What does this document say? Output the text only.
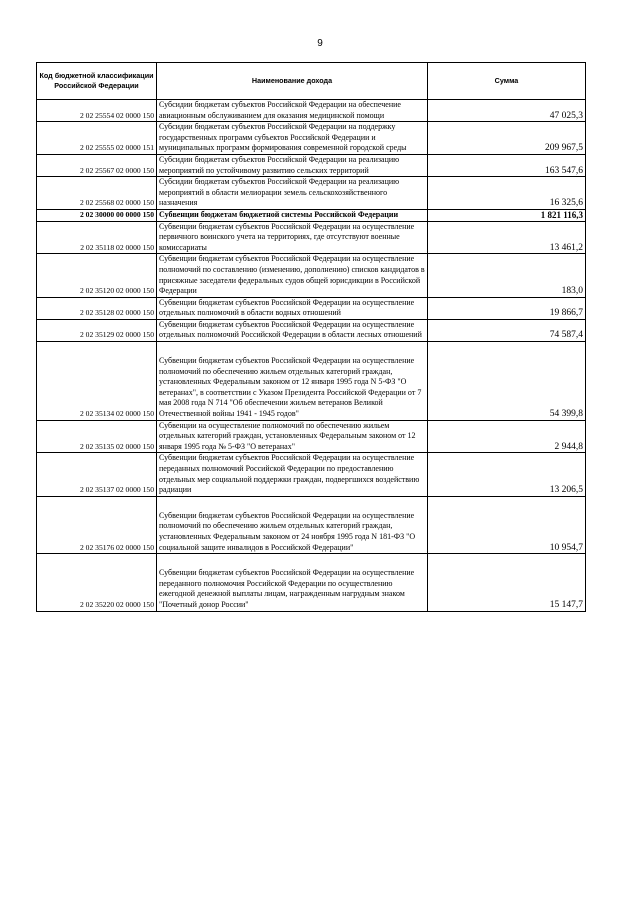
9
Код бюджетной классификации Российской Федерации	Наименование дохода	Сумма
2 02 25554 02 0000 150	Субсидии бюджетам субъектов Российской Федерации на обеспечение авиационным обслуживанием для оказания медицинской помощи	47 025,3
2 02 25555 02 0000 151	Субсидии бюджетам субъектов Российской Федерации на поддержку государственных программ субъектов Российской Федерации и муниципальных программ формирования современной городской среды	209 967,5
2 02 25567 02 0000 150	Субсидии бюджетам субъектов Российской Федерации на реализацию мероприятий по устойчивому развитию сельских территорий	163 547,6
2 02 25568 02 0000 150	Субсидии бюджетам субъектов Российской Федерации на реализацию мероприятий в области мелиорации земель сельскохозяйственного назначения	16 325,6
2 02 30000 00 0000 150	Субвенции бюджетам бюджетной системы Российской Федерации	1 821 116,3
2 02 35118 02 0000 150	Субвенции бюджетам субъектов Российской Федерации на осуществление первичного воинского учета на территориях, где отсутствуют военные комиссариаты	13 461,2
2 02 35120 02 0000 150	Субвенции бюджетам субъектов Российской Федерации на осуществление полномочий по составлению (изменению, дополнению) списков кандидатов в присяжные заседатели федеральных судов общей юрисдикции в Российской Федерации	183,0
2 02 35128 02 0000 150	Субвенции бюджетам субъектов Российской Федерации на осуществление отдельных полномочий в области водных отношений	19 866,7
2 02 35129 02 0000 150	Субвенции бюджетам субъектов Российской Федерации на осуществление отдельных полномочий Российской Федерации в области лесных отношений	74 587,4
2 02 35134 02 0000 150	Субвенции бюджетам субъектов Российской Федерации на осуществление полномочий по обеспечению жильем отдельных категорий граждан, установленных Федеральным законом от 12 января 1995 года N 5-ФЗ "О ветеранах", в соответствии с Указом Президента Российской Федерации от 7 мая 2008 года N 714 "Об обеспечении жильем ветеранов Великой Отечественной войны 1941 - 1945 годов"	54 399,8
2 02 35135 02 0000 150	Субвенции на осуществление полномочий по обеспечению жильем отдельных категорий граждан, установленных Федеральным законом от 12 января 1995 года № 5-ФЗ "О ветеранах"	2 944,8
2 02 35137 02 0000 150	Субвенции бюджетам субъектов Российской Федерации на осуществление переданных полномочий Российской Федерации по предоставлению отдельных мер социальной поддержки граждан, подвергшихся воздействию радиации	13 206,5
2 02 35176 02 0000 150	Субвенции бюджетам субъектов Российской Федерации на осуществление полномочий по обеспечению жильем отдельных категорий граждан, установленных Федеральным законом от 24 ноября 1995 года N 181-ФЗ "О социальной защите инвалидов в Российской Федерации"	10 954,7
2 02 35220 02 0000 150	Субвенции бюджетам субъектов Российской Федерации на осуществление переданного полномочия Российской Федерации по осуществлению ежегодной денежной выплаты лицам, награжденным нагрудным знаком "Почетный донор России"	15 147,7
